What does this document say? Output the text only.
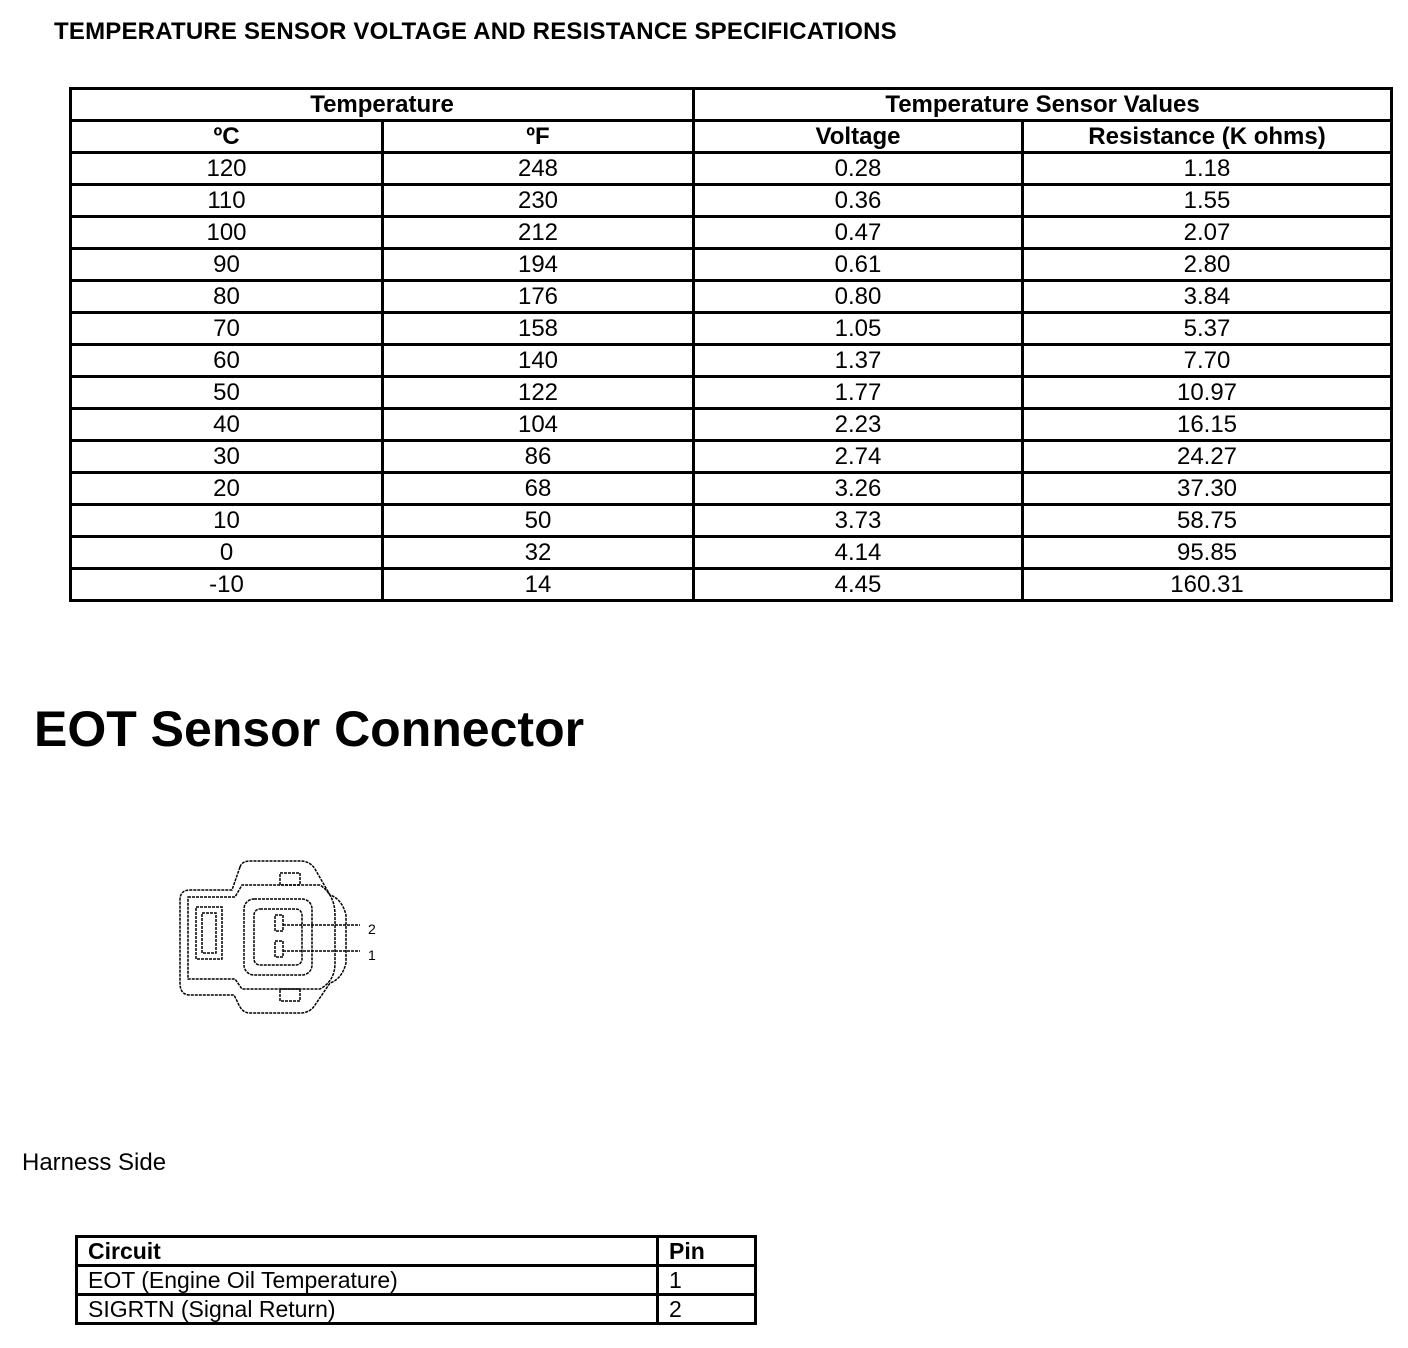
TEMPERATURE SENSOR VOLTAGE AND RESISTANCE SPECIFICATIONS
Temperature		Temperature Sensor Values	
ºC	ºF	Voltage	Resistance (K ohms)
120	248	0.28	1.18
110	230	0.36	1.55
100	212	0.47	2.07
90	194	0.61	2.80
80	176	0.80	3.84
70	158	1.05	5.37
60	140	1.37	7.70
50	122	1.77	10.97
40	104	2.23	16.15
30	86	2.74	24.27
20	68	3.26	37.30
10	50	3.73	58.75
0	32	4.14	95.85
-10	14	4.45	160.31
EOT Sensor Connector
2
1
Harness Side
Circuit	Pin
EOT (Engine Oil Temperature)	1
SIGRTN (Signal Return)	2
